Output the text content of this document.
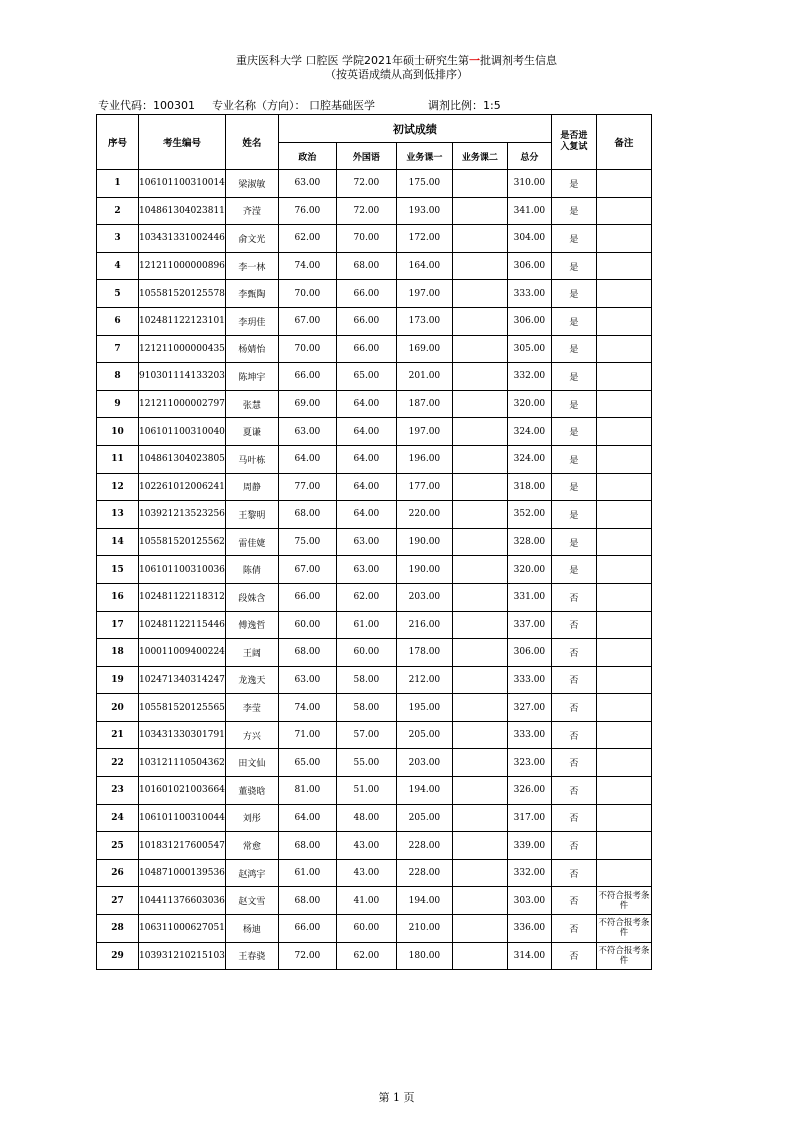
重庆医科大学 口腔医 学院2021年硕士研究生第一批调剂考生信息
（按英语成绩从高到低排序）
专业代码：100301 专业名称（方向）： 口腔基础医学	调剂比例：1:5
序号	考生编号	姓名	初试成绩					是否进入复试	备注
			政治	外国语	业务课一	业务课二	总分		
1	106101100310014	梁淑敏	63.00	72.00	175.00		310.00	是	
2	104861304023811	齐滢	76.00	72.00	193.00		341.00	是	
3	103431331002446	俞文光	62.00	70.00	172.00		304.00	是	
4	121211000000896	李一林	74.00	68.00	164.00		306.00	是	
5	105581520125578	李甄陶	70.00	66.00	197.00		333.00	是	
6	102481122123101	李玥佳	67.00	66.00	173.00		306.00	是	
7	121211000000435	杨婧怡	70.00	66.00	169.00		305.00	是	
8	910301114133203	陈坤宇	66.00	65.00	201.00		332.00	是	
9	121211000002797	张慧	69.00	64.00	187.00		320.00	是	
10	106101100310040	夏谦	63.00	64.00	197.00		324.00	是	
11	104861304023805	马叶栋	64.00	64.00	196.00		324.00	是	
12	102261012006241	周静	77.00	64.00	177.00		318.00	是	
13	103921213523256	王黎明	68.00	64.00	220.00		352.00	是	
14	105581520125562	雷佳婕	75.00	63.00	190.00		328.00	是	
15	106101100310036	陈倩	67.00	63.00	190.00		320.00	是	
16	102481122118312	段姝含	66.00	62.00	203.00		331.00	否	
17	102481122115446	傅逸哲	60.00	61.00	216.00		337.00	否	
18	100011009400224	王阔	68.00	60.00	178.00		306.00	否	
19	102471340314247	龙逸天	63.00	58.00	212.00		333.00	否	
20	105581520125565	李莹	74.00	58.00	195.00		327.00	否	
21	103431330301791	方兴	71.00	57.00	205.00		333.00	否	
22	103121110504362	田文仙	65.00	55.00	203.00		323.00	否	
23	101601021003664	董骁晗	81.00	51.00	194.00		326.00	否	
24	106101100310044	刘彤	64.00	48.00	205.00		317.00	否	
25	101831217600547	常愈	68.00	43.00	228.00		339.00	否	
26	104871000139536	赵鸿宇	61.00	43.00	228.00		332.00	否	
27	104411376603036	赵文雪	68.00	41.00	194.00		303.00	否	不符合报考条件
28	106311000627051	杨迪	66.00	60.00	210.00		336.00	否	不符合报考条件
29	103931210215103	王春骁	72.00	62.00	180.00		314.00	否	不符合报考条件
第 1 页
